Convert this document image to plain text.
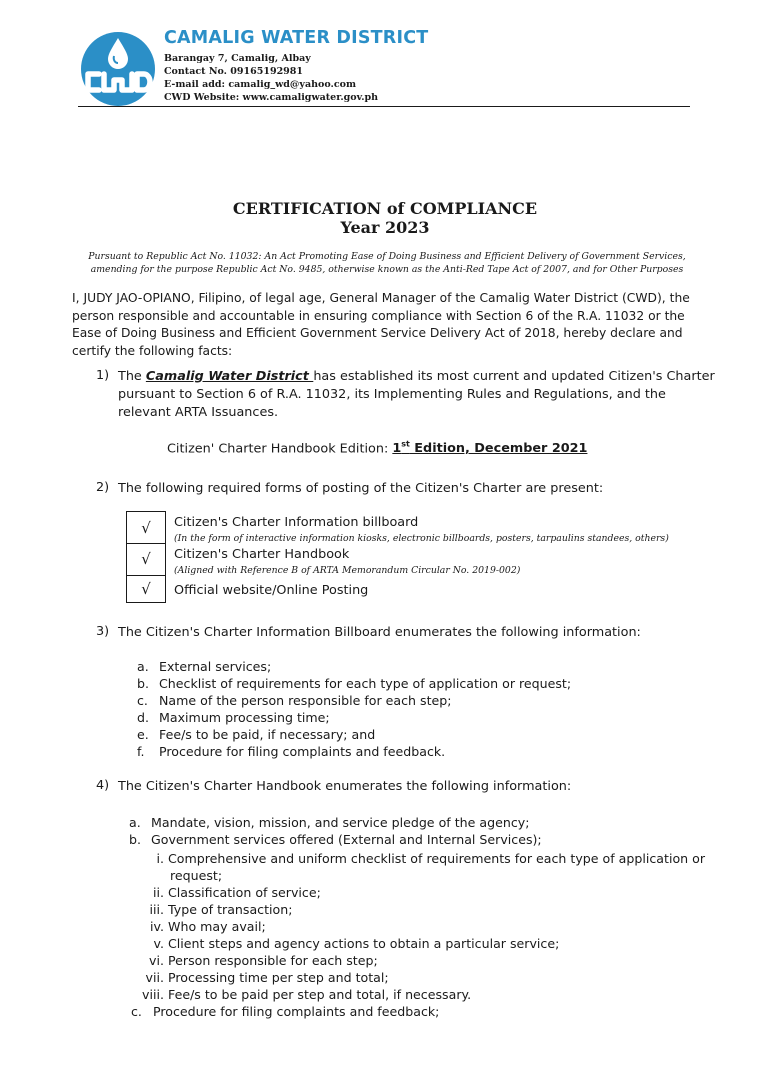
CAMALIG WATER DISTRICT
Barangay 7, Camalig, Albay
Contact No. 09165192981
E-mail add: camalig_wd@yahoo.com
CWD Website: www.camaligwater.gov.ph
CERTIFICATION of COMPLIANCE
Year 2023
Pursuant to Republic Act No. 11032: An Act Promoting Ease of Doing Business and Efficient Delivery of Government Services, amending for the purpose Republic Act No. 9485, otherwise known as the Anti-Red Tape Act of 2007, and for Other Purposes
I, JUDY JAO-OPIANO, Filipino, of legal age, General Manager of the Camalig Water District (CWD), the person responsible and accountable in ensuring compliance with Section 6 of the R.A. 11032 or the Ease of Doing Business and Efficient Government Service Delivery Act of 2018, hereby declare and certify the following facts:
1) The Camalig Water District has established its most current and updated Citizen's Charter pursuant to Section 6 of R.A. 11032, its Implementing Rules and Regulations, and the relevant ARTA Issuances.
Citizen' Charter Handbook Edition: 1st Edition, December 2021
2) The following required forms of posting of the Citizen's Charter are present:
√
√
√
Citizen's Charter Information billboard
(In the form of interactive information kiosks, electronic billboards, posters, tarpaulins standees, others)
Citizen's Charter Handbook
(Aligned with Reference B of ARTA Memorandum Circular No. 2019-002)
Official website/Online Posting
3) The Citizen's Charter Information Billboard enumerates the following information:
a. External services;
b. Checklist of requirements for each type of application or request;
c. Name of the person responsible for each step;
d. Maximum processing time;
e. Fee/s to be paid, if necessary; and
f. Procedure for filing complaints and feedback.
4) The Citizen's Charter Handbook enumerates the following information:
a. Mandate, vision, mission, and service pledge of the agency;
b. Government services offered (External and Internal Services);
i. Comprehensive and uniform checklist of requirements for each type of application or
request;
ii. Classification of service;
iii. Type of transaction;
iv. Who may avail;
v. Client steps and agency actions to obtain a particular service;
vi. Person responsible for each step;
vii. Processing time per step and total;
viii. Fee/s to be paid per step and total, if necessary.
c. Procedure for filing complaints and feedback;
